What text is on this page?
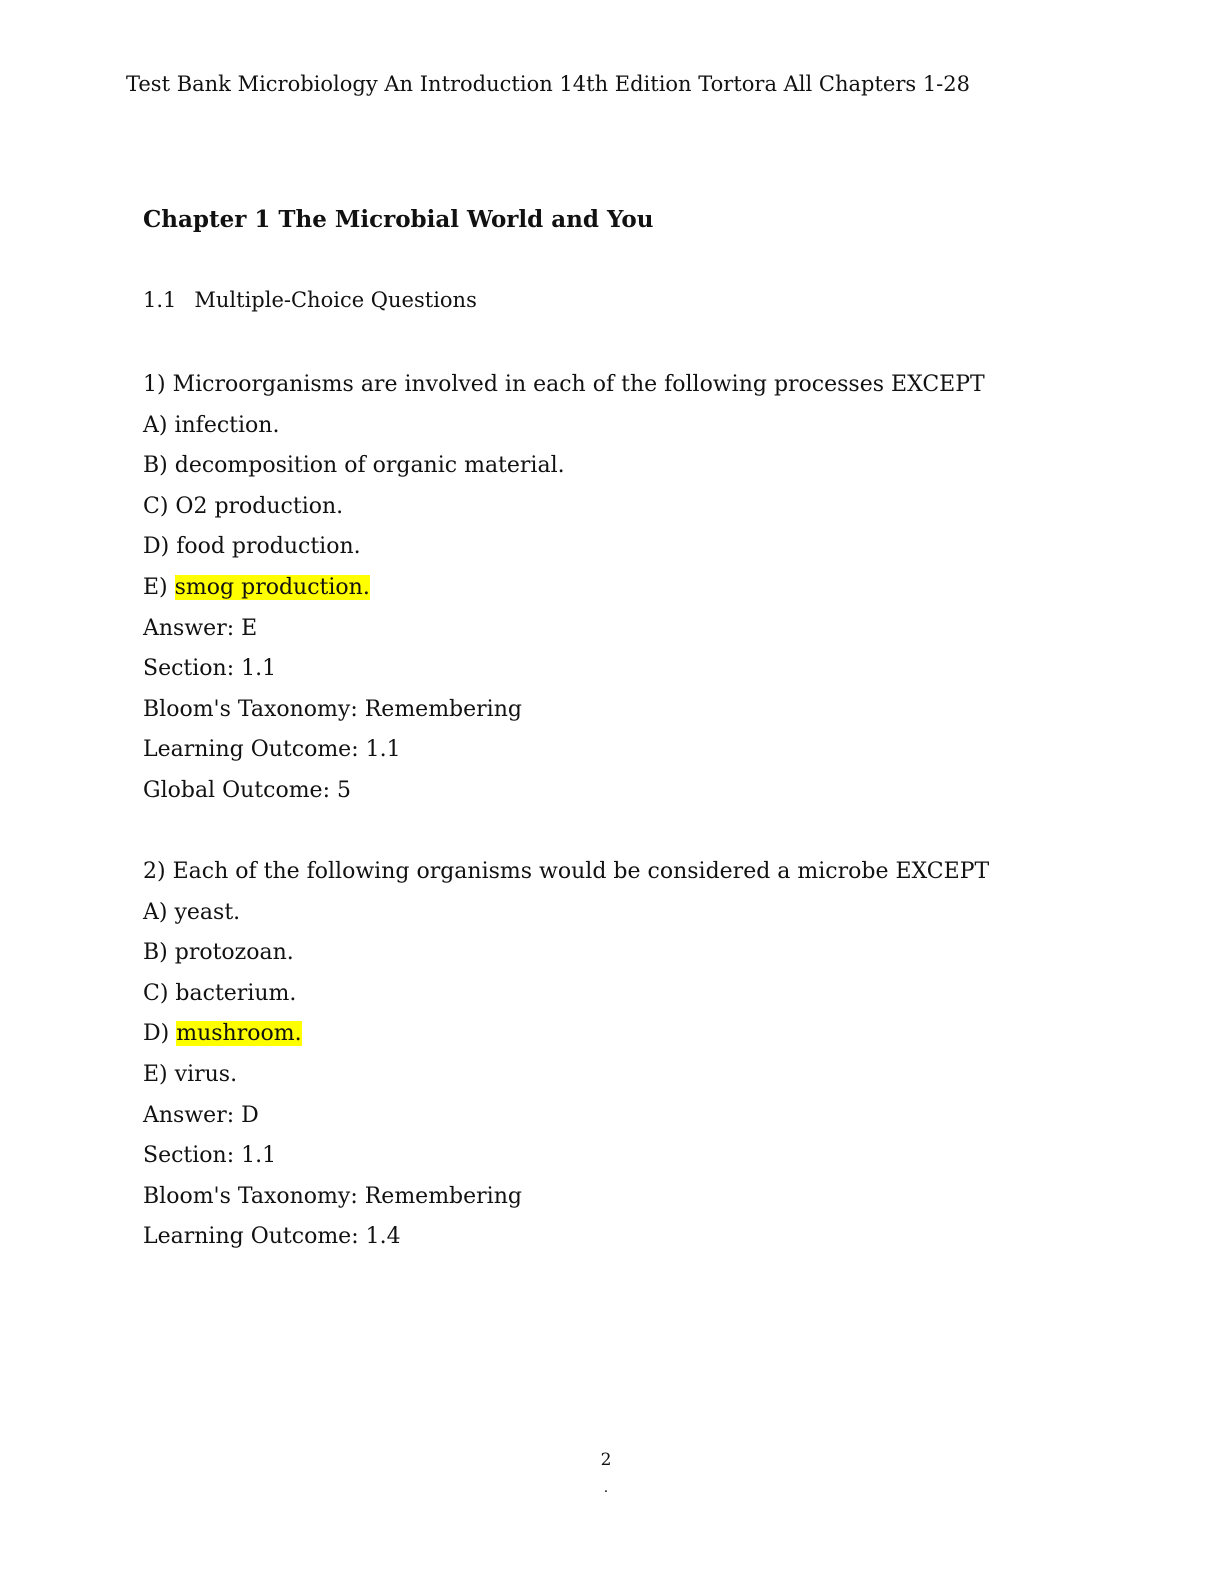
Test Bank Microbiology An Introduction 14th Edition Tortora All Chapters 1-28
Chapter 1 The Microbial World and You
1.1 Multiple-Choice Questions
1) Microorganisms are involved in each of the following processes EXCEPT
A) infection.
B) decomposition of organic material.
C) O2 production.
D) food production.
E) smog production.
Answer: E
Section: 1.1
Bloom's Taxonomy: Remembering
Learning Outcome: 1.1
Global Outcome: 5
2) Each of the following organisms would be considered a microbe EXCEPT
A) yeast.
B) protozoan.
C) bacterium.
D) mushroom.
E) virus.
Answer: D
Section: 1.1
Bloom's Taxonomy: Remembering
Learning Outcome: 1.4
2
.
